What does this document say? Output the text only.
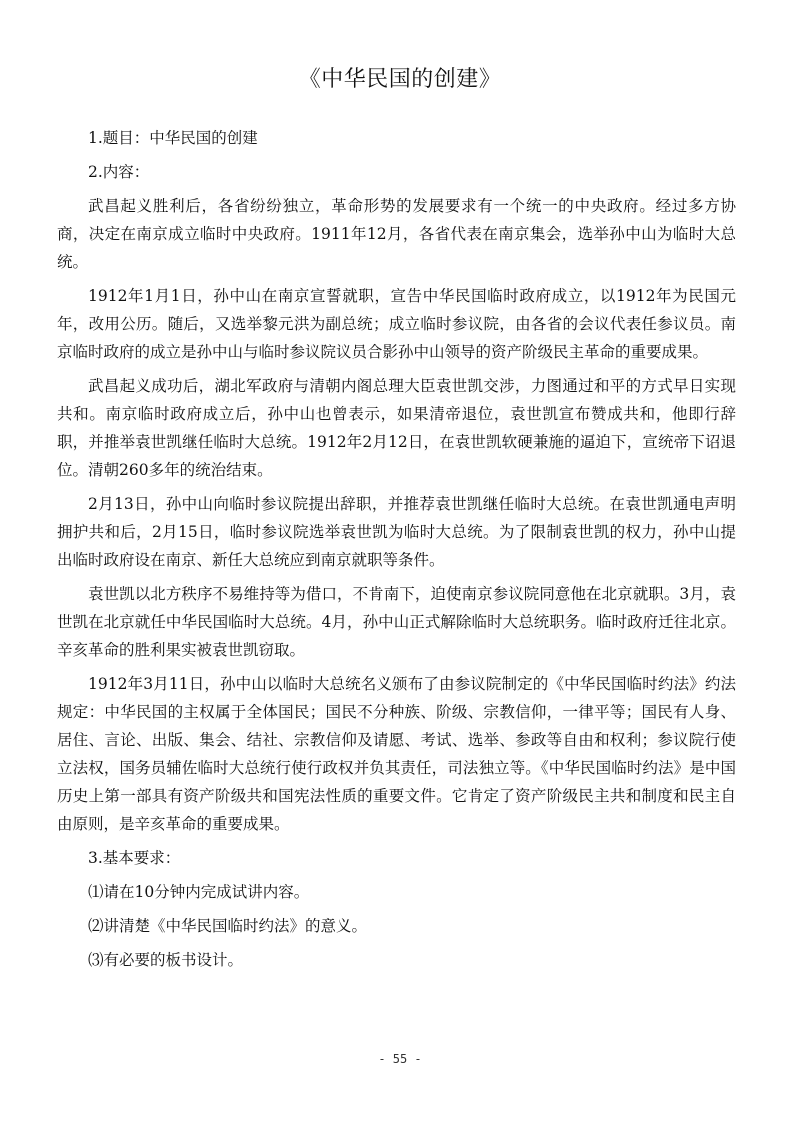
《中华民国的创建》

1.题目：中华民国的创建

2.内容：

武昌起义胜利后，各省纷纷独立，革命形势的发展要求有一个统一的中央政府。经过多方协商，决定在南京成立临时中央政府。1911年12月，各省代表在南京集会，选举孙中山为临时大总统。

1912年1月1日，孙中山在南京宣誓就职，宣告中华民国临时政府成立，以1912年为民国元年，改用公历。随后，又选举黎元洪为副总统；成立临时参议院，由各省的会议代表任参议员。南京临时政府的成立是孙中山与临时参议院议员合影孙中山领导的资产阶级民主革命的重要成果。

武昌起义成功后，湖北军政府与清朝内阁总理大臣袁世凯交涉，力图通过和平的方式早日实现共和。南京临时政府成立后，孙中山也曾表示，如果清帝退位，袁世凯宣布赞成共和，他即行辞职，并推举袁世凯继任临时大总统。1912年2月12日，在袁世凯软硬兼施的逼迫下，宣统帝下诏退位。清朝260多年的统治结束。

2月13日，孙中山向临时参议院提出辞职，并推荐袁世凯继任临时大总统。在袁世凯通电声明拥护共和后，2月15日，临时参议院选举袁世凯为临时大总统。为了限制袁世凯的权力，孙中山提出临时政府设在南京、新任大总统应到南京就职等条件。

袁世凯以北方秩序不易维持等为借口，不肯南下，迫使南京参议院同意他在北京就职。3月，袁世凯在北京就任中华民国临时大总统。4月，孙中山正式解除临时大总统职务。临时政府迁往北京。辛亥革命的胜利果实被袁世凯窃取。

1912年3月11日，孙中山以临时大总统名义颁布了由参议院制定的《中华民国临时约法》约法规定：中华民国的主权属于全体国民；国民不分种族、阶级、宗教信仰，一律平等；国民有人身、居住、言论、出版、集会、结社、宗教信仰及请愿、考试、选举、参政等自由和权利；参议院行使立法权，国务员辅佐临时大总统行使行政权并负其责任，司法独立等。《中华民国临时约法》是中国历史上第一部具有资产阶级共和国宪法性质的重要文件。它肯定了资产阶级民主共和制度和民主自由原则，是辛亥革命的重要成果。

3.基本要求：

⑴请在10分钟内完成试讲内容。

⑵讲清楚《中华民国临时约法》的意义。

⑶有必要的板书设计。

- 55 -
